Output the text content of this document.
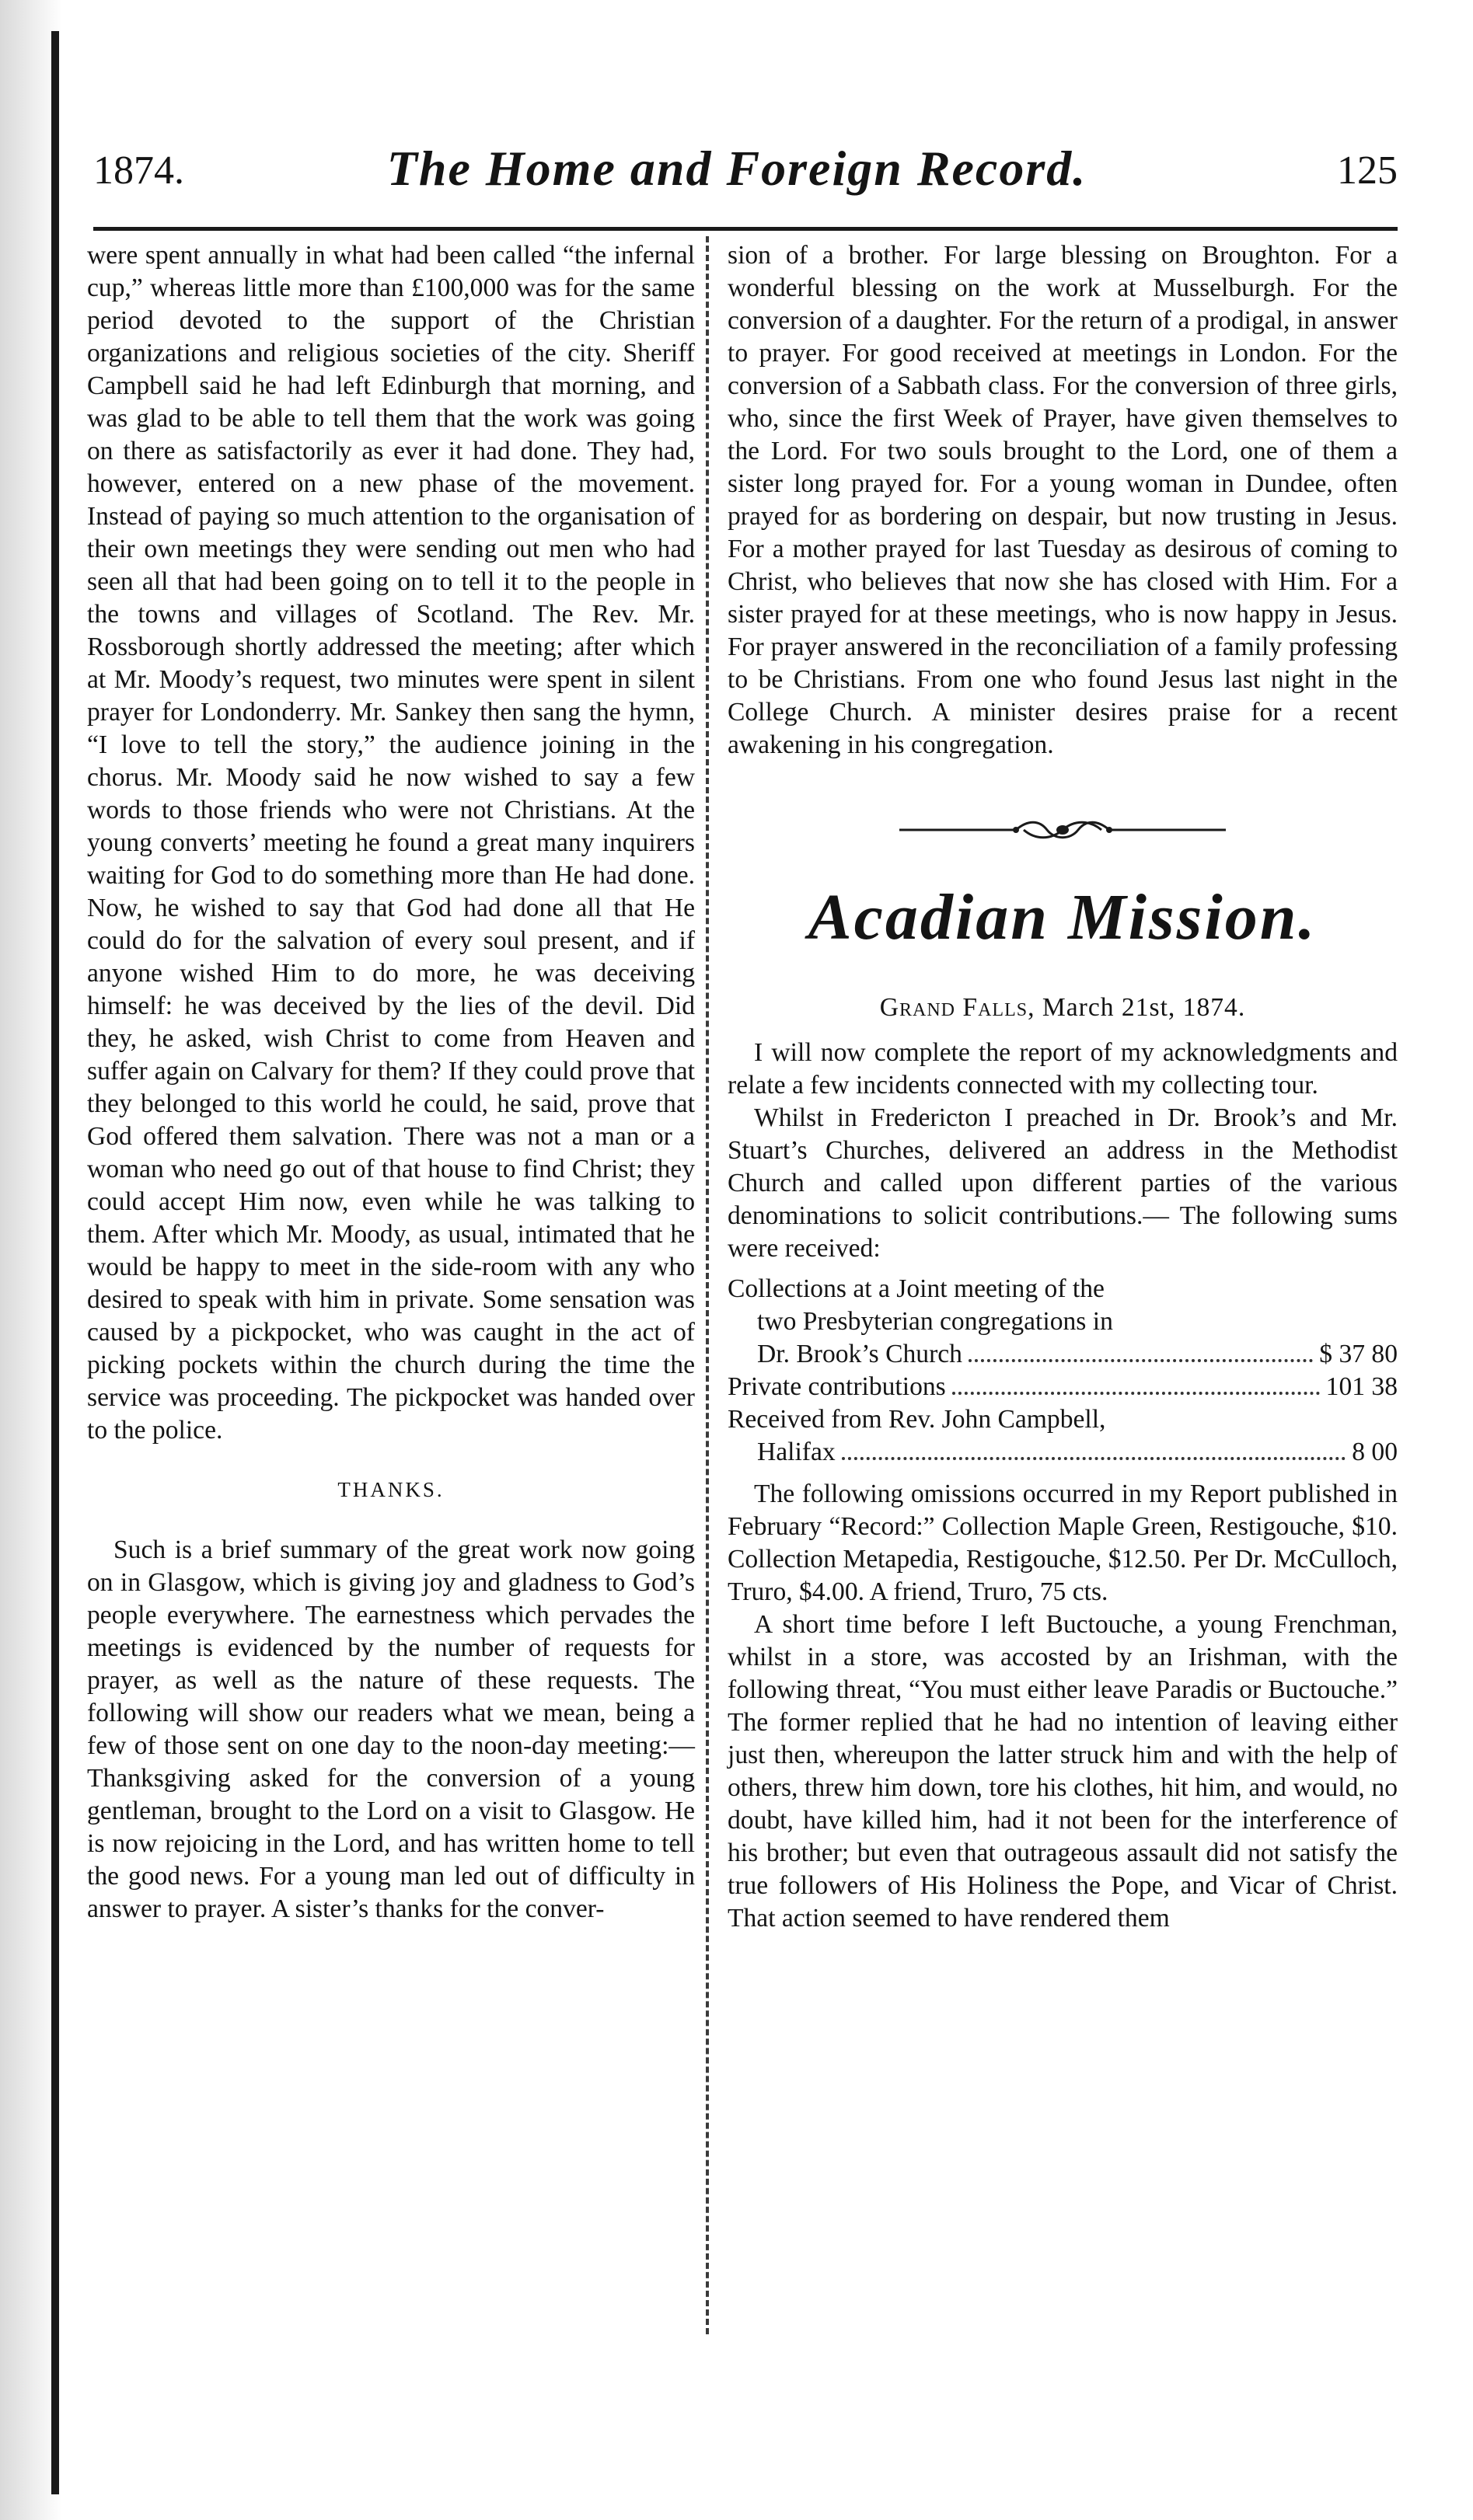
1874.	The Home and Foreign Record.	125

were spent annually in what had been called “the infernal cup,” whereas little more than £100,000 was for the same period devoted to the support of the Christian organizations and religious societies of the city. Sheriff Campbell said he had left Edinburgh that morning, and was glad to be able to tell them that the work was going on there as satisfactorily as ever it had done. They had, however, entered on a new phase of the movement. Instead of paying so much attention to the organisation of their own meetings they were sending out men who had seen all that had been going on to tell it to the people in the towns and villages of Scotland. The Rev. Mr. Rossborough shortly addressed the meeting; after which at Mr. Moody’s request, two minutes were spent in silent prayer for Londonderry. Mr. Sankey then sang the hymn, “I love to tell the story,” the audience joining in the chorus. Mr. Moody said he now wished to say a few words to those friends who were not Christians. At the young converts’ meeting he found a great many inquirers waiting for God to do something more than He had done. Now, he wished to say that God had done all that He could do for the salvation of every soul present, and if anyone wished Him to do more, he was deceiving himself: he was deceived by the lies of the devil. Did they, he asked, wish Christ to come from Heaven and suffer again on Calvary for them? If they could prove that they belonged to this world he could, he said, prove that God offered them salvation. There was not a man or a woman who need go out of that house to find Christ; they could accept Him now, even while he was talking to them. After which Mr. Moody, as usual, intimated that he would be happy to meet in the side-room with any who desired to speak with him in private. Some sensation was caused by a pickpocket, who was caught in the act of picking pockets within the church during the time the service was proceeding. The pickpocket was handed over to the police.

THANKS.

Such is a brief summary of the great work now going on in Glasgow, which is giving joy and gladness to God’s people everywhere. The earnestness which pervades the meetings is evidenced by the number of requests for prayer, as well as the nature of these requests. The following will show our readers what we mean, being a few of those sent on one day to the noon-day meeting:—Thanksgiving asked for the conversion of a young gentleman, brought to the Lord on a visit to Glasgow. He is now rejoicing in the Lord, and has written home to tell the good news. For a young man led out of difficulty in answer to prayer. A sister’s thanks for the conver-

sion of a brother. For large blessing on Broughton. For a wonderful blessing on the work at Musselburgh. For the conversion of a daughter. For the return of a prodigal, in answer to prayer. For good received at meetings in London. For the conversion of a Sabbath class. For the conversion of three girls, who, since the first Week of Prayer, have given themselves to the Lord. For two souls brought to the Lord, one of them a sister long prayed for. For a young woman in Dundee, often prayed for as bordering on despair, but now trusting in Jesus. For a mother prayed for last Tuesday as desirous of coming to Christ, who believes that now she has closed with Him. For a sister prayed for at these meetings, who is now happy in Jesus. For prayer answered in the reconciliation of a family professing to be Christians. From one who found Jesus last night in the College Church. A minister desires praise for a recent awakening in his congregation.

Acadian Mission.
Grand Falls, March 21st, 1874.

I will now complete the report of my acknowledgments and relate a few incidents connected with my collecting tour.

Whilst in Fredericton I preached in Dr. Brook’s and Mr. Stuart’s Churches, delivered an address in the Methodist Church and called upon different parties of the various denominations to solicit contributions.— The following sums were received:

Collections at a Joint meeting of the
two Presbyterian congregations in
Dr. Brook’s Church	$ 37 80
Private contributions	101 38
Received from Rev. John Campbell,
Halifax	8 00

The following omissions occurred in my Report published in February “Record:” Collection Maple Green, Restigouche, $10. Collection Metapedia, Restigouche, $12.50. Per Dr. McCulloch, Truro, $4.00. A friend, Truro, 75 cts.

A short time before I left Buctouche, a young Frenchman, whilst in a store, was accosted by an Irishman, with the following threat, “You must either leave Paradis or Buctouche.” The former replied that he had no intention of leaving either just then, whereupon the latter struck him and with the help of others, threw him down, tore his clothes, hit him, and would, no doubt, have killed him, had it not been for the interference of his brother; but even that outrageous assault did not satisfy the true followers of His Holiness the Pope, and Vicar of Christ. That action seemed to have rendered them
